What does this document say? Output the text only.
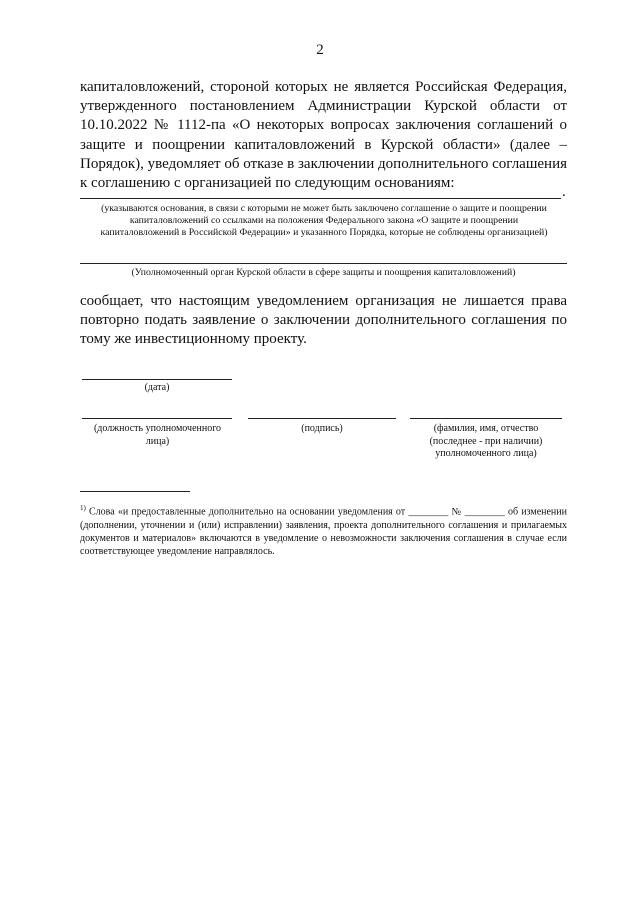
2
капиталовложений, стороной которых не является Российская Федерация, утвержденного постановлением Администрации Курской области от 10.10.2022 № 1112-па «О некоторых вопросах заключения соглашений о защите и поощрении капиталовложений в Курской области» (далее – Порядок), уведомляет об отказе в заключении дополнительного соглашения к соглашению с организацией по следующим основаниям:
.
(указываются основания, в связи с которыми не может быть заключено соглашение о защите и поощрении капиталовложений со ссылками на положения Федерального закона «О защите и поощрении капиталовложений в Российской Федерации» и указанного Порядка, которые не соблюдены организацией)
(Уполномоченный орган Курской области в сфере защиты и поощрения капиталовложений)
сообщает, что настоящим уведомлением организация не лишается права повторно подать заявление о заключении дополнительного соглашения по тому же инвестиционному проекту.
(дата)
(должность уполномоченного лица)
(подпись)	(фамилия, имя, отчество (последнее - при наличии) уполномоченного лица)
$^{1)}$ Слова «и предоставленные дополнительно на основании уведомления от ________ № ________ об изменении (дополнении, уточнении и (или) исправлении) заявления, проекта дополнительного соглашения и прилагаемых документов и материалов» включаются в уведомление о невозможности заключения соглашения в случае если соответствующее уведомление направлялось.
